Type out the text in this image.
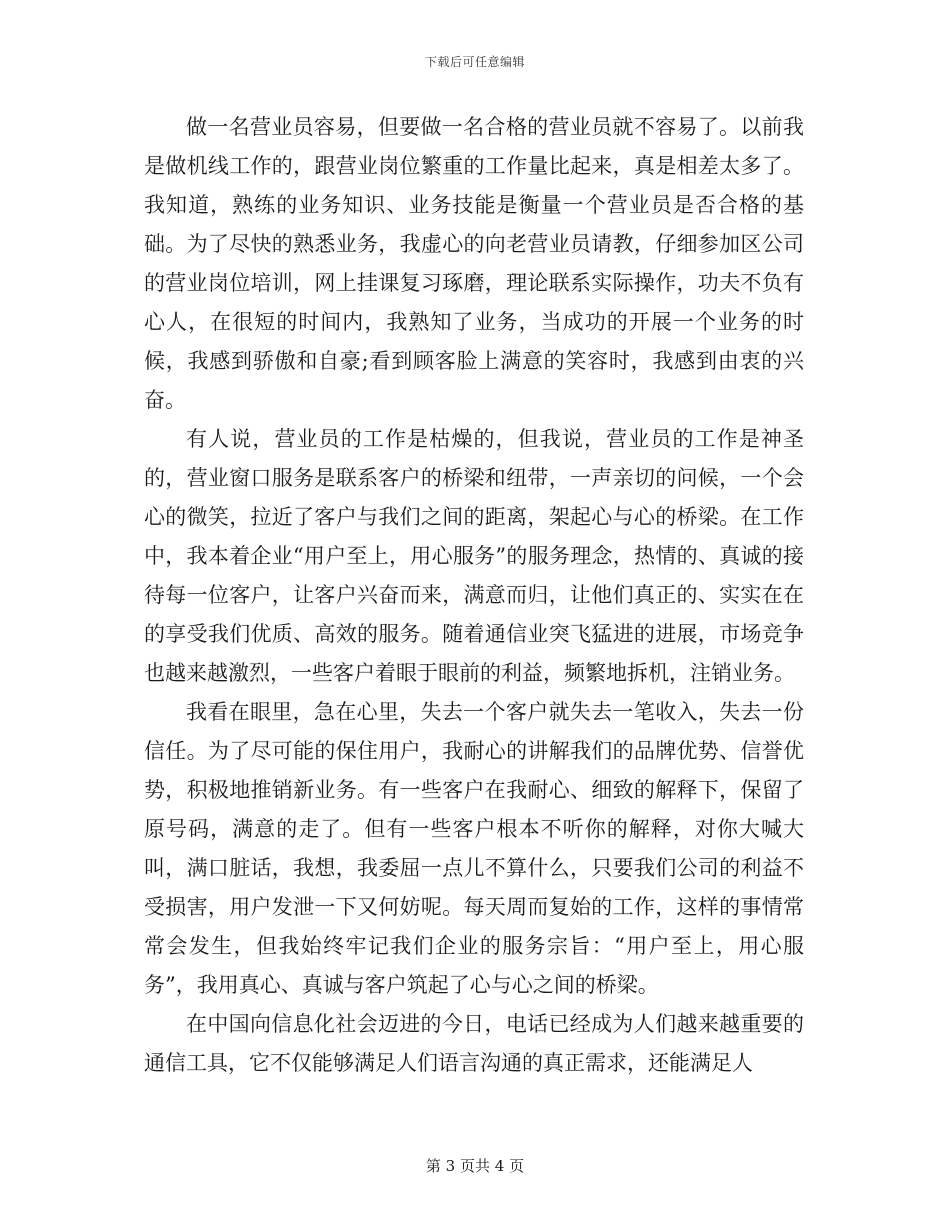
下载后可任意编辑

做一名营业员容易，但要做一名合格的营业员就不容易了。以前我是做机线工作的，跟营业岗位繁重的工作量比起来，真是相差太多了。我知道，熟练的业务知识、业务技能是衡量一个营业员是否合格的基础。为了尽快的熟悉业务，我虚心的向老营业员请教，仔细参加区公司的营业岗位培训，网上挂课复习琢磨，理论联系实际操作，功夫不负有心人，在很短的时间内，我熟知了业务，当成功的开展一个业务的时候，我感到骄傲和自豪;看到顾客脸上满意的笑容时，我感到由衷的兴奋。

有人说，营业员的工作是枯燥的，但我说，营业员的工作是神圣的，营业窗口服务是联系客户的桥梁和纽带，一声亲切的问候，一个会心的微笑，拉近了客户与我们之间的距离，架起心与心的桥梁。在工作中，我本着企业“用户至上，用心服务”的服务理念，热情的、真诚的接待每一位客户，让客户兴奋而来，满意而归，让他们真正的、实实在在的享受我们优质、高效的服务。随着通信业突飞猛进的进展，市场竞争也越来越激烈，一些客户着眼于眼前的利益，频繁地拆机，注销业务。

我看在眼里，急在心里，失去一个客户就失去一笔收入，失去一份信任。为了尽可能的保住用户，我耐心的讲解我们的品牌优势、信誉优势，积极地推销新业务。有一些客户在我耐心、细致的解释下，保留了原号码，满意的走了。但有一些客户根本不听你的解释，对你大喊大叫，满口脏话，我想，我委屈一点儿不算什么，只要我们公司的利益不受损害，用户发泄一下又何妨呢。每天周而复始的工作，这样的事情常常会发生，但我始终牢记我们企业的服务宗旨：“用户至上，用心服务”，我用真心、真诚与客户筑起了心与心之间的桥梁。

在中国向信息化社会迈进的今日，电话已经成为人们越来越重要的通信工具，它不仅能够满足人们语言沟通的真正需求，还能满足人

第 3 页共 4 页
